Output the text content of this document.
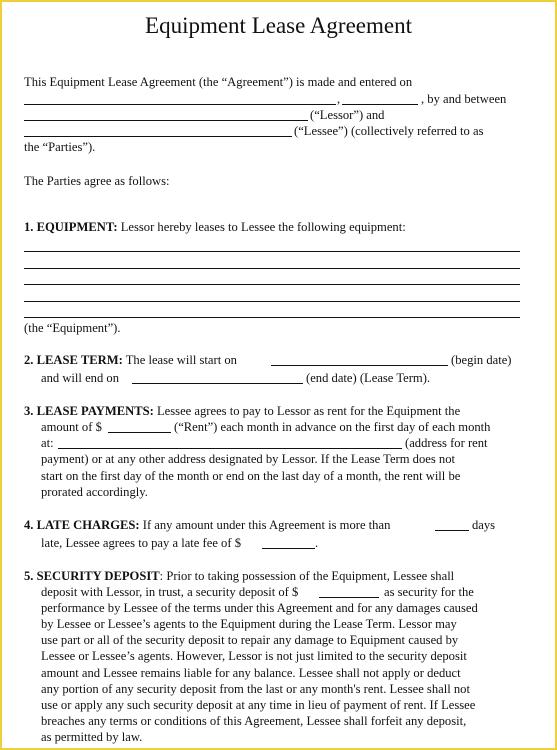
Equipment Lease Agreement
This Equipment Lease Agreement (the “Agreement”) is made and entered on
,	, by and between
(“Lessor”) and
(“Lessee”) (collectively referred to as
the “Parties”).
The Parties agree as follows:
1. EQUIPMENT: Lessor hereby leases to Lessee the following equipment:
(the “Equipment”).
2. LEASE TERM: The lease will start on	(begin date)
and will end on	(end date) (Lease Term).
3. LEASE PAYMENTS: Lessee agrees to pay to Lessor as rent for the Equipment the
amount of $	(“Rent”) each month in advance on the first day of each month
at:	(address for rent
payment) or at any other address designated by Lessor. If the Lease Term does not
start on the first day of the month or end on the last day of a month, the rent will be
prorated accordingly.
4. LATE CHARGES: If any amount under this Agreement is more than	days
late, Lessee agrees to pay a late fee of $	.
5. SECURITY DEPOSIT: Prior to taking possession of the Equipment, Lessee shall
deposit with Lessor, in trust, a security deposit of $	as security for the
performance by Lessee of the terms under this Agreement and for any damages caused
by Lessee or Lessee’s agents to the Equipment during the Lease Term. Lessor may
use part or all of the security deposit to repair any damage to Equipment caused by
Lessee or Lessee’s agents. However, Lessor is not just limited to the security deposit
amount and Lessee remains liable for any balance. Lessee shall not apply or deduct
any portion of any security deposit from the last or any month's rent. Lessee shall not
use or apply any such security deposit at any time in lieu of payment of rent. If Lessee
breaches any terms or conditions of this Agreement, Lessee shall forfeit any deposit,
as permitted by law.
